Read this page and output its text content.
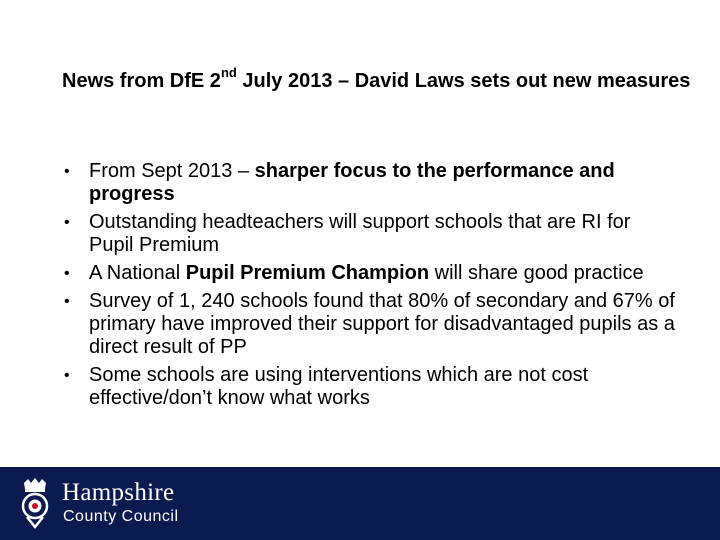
News from DfE 2nd July 2013 – David Laws sets out new measures
• From Sept 2013 – sharper focus to the performance and progress
• Outstanding headteachers will support schools that are RI for Pupil Premium
• A National Pupil Premium Champion will share good practice
• Survey of 1, 240 schools found that 80% of secondary and 67% of primary have improved their support for disadvantaged pupils as a direct result of PP
• Some schools are using interventions which are not cost effective/don’t know what works
Hampshire
County Council
